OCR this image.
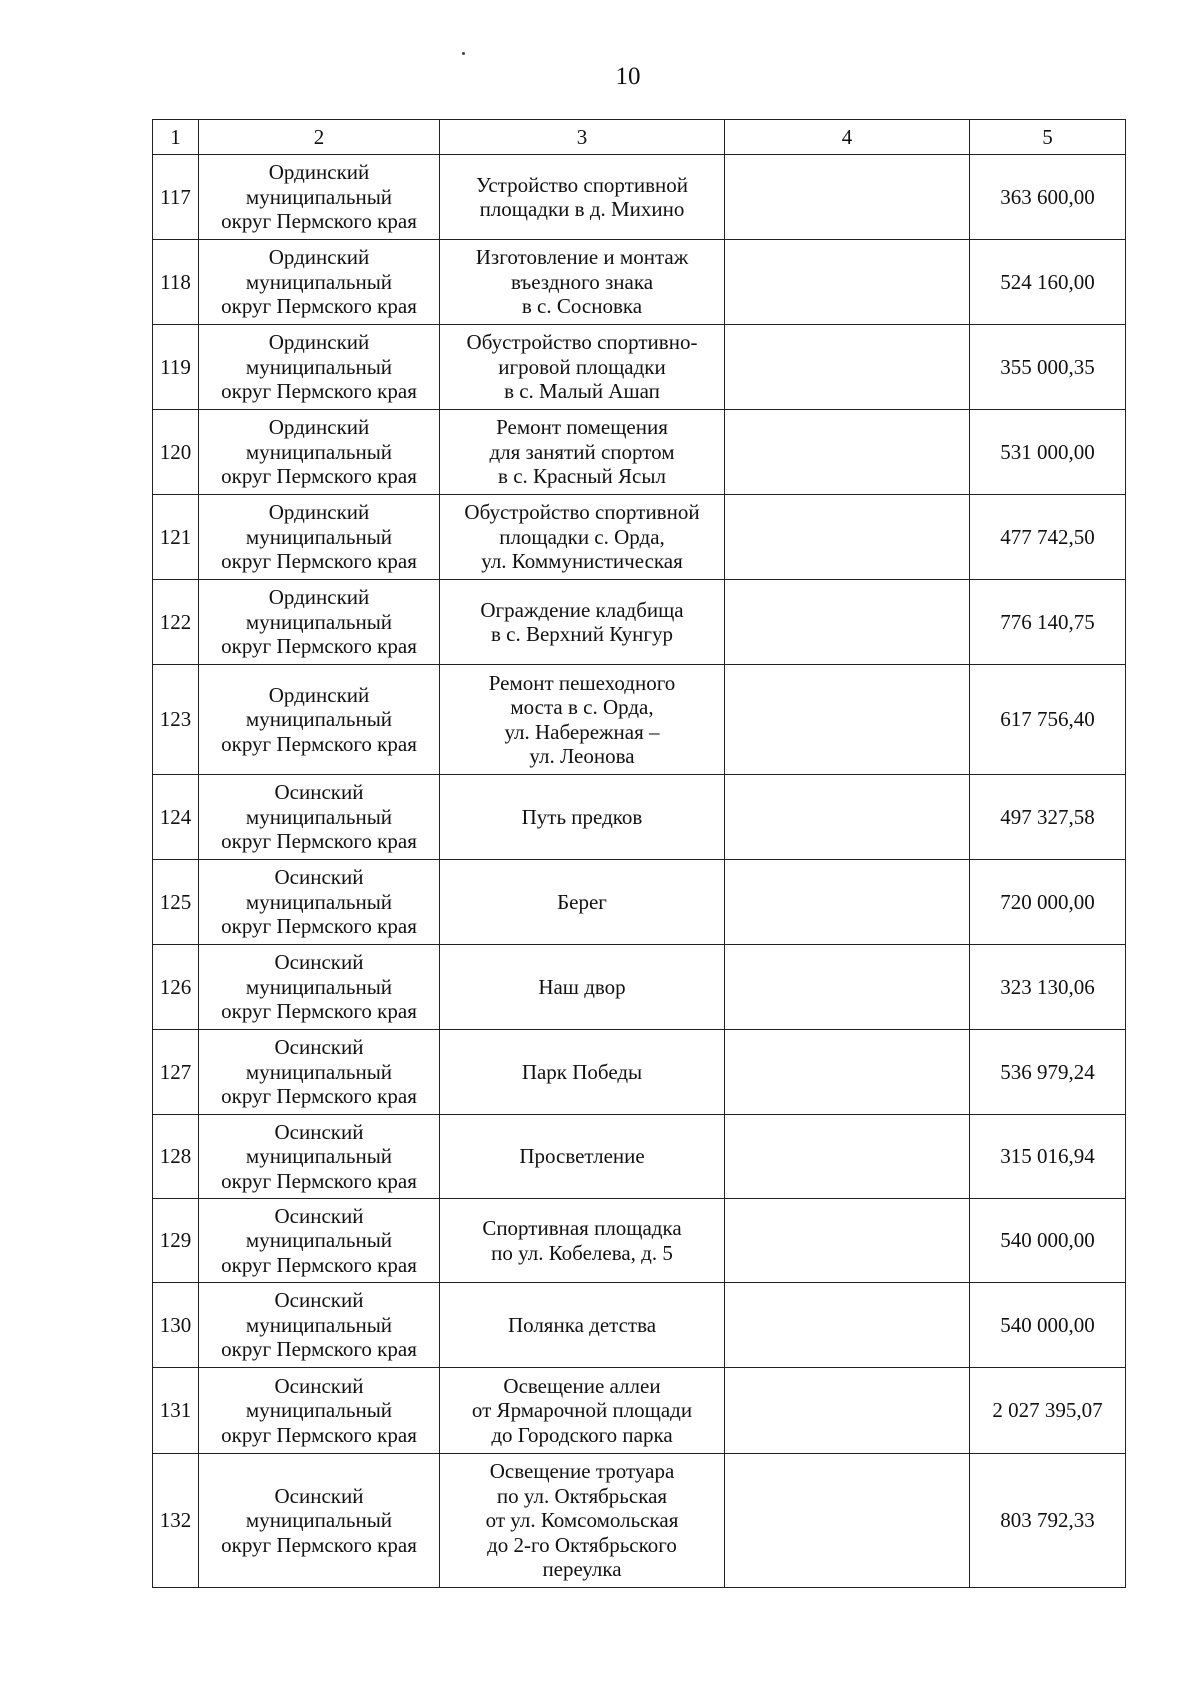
10
1	2	3	4	5
117	Ординский
муниципальный
округ Пермского края	Устройство спортивной
площадки в д. Михино		363 600,00
118	Ординский
муниципальный
округ Пермского края	Изготовление и монтаж
въездного знака
в с. Сосновка		524 160,00
119	Ординский
муниципальный
округ Пермского края	Обустройство спортивно-
игровой площадки
в с. Малый Ашап		355 000,35
120	Ординский
муниципальный
округ Пермского края	Ремонт помещения
для занятий спортом
в с. Красный Ясыл		531 000,00
121	Ординский
муниципальный
округ Пермского края	Обустройство спортивной
площадки с. Орда,
ул. Коммунистическая		477 742,50
122	Ординский
муниципальный
округ Пермского края	Ограждение кладбища
в с. Верхний Кунгур		776 140,75
123	Ординский
муниципальный
округ Пермского края	Ремонт пешеходного
моста в с. Орда,
ул. Набережная –
ул. Леонова		617 756,40
124	Осинский
муниципальный
округ Пермского края	Путь предков		497 327,58
125	Осинский
муниципальный
округ Пермского края	Берег		720 000,00
126	Осинский
муниципальный
округ Пермского края	Наш двор		323 130,06
127	Осинский
муниципальный
округ Пермского края	Парк Победы		536 979,24
128	Осинский
муниципальный
округ Пермского края	Просветление		315 016,94
129	Осинский
муниципальный
округ Пермского края	Спортивная площадка
по ул. Кобелева, д. 5		540 000,00
130	Осинский
муниципальный
округ Пермского края	Полянка детства		540 000,00
131	Осинский
муниципальный
округ Пермского края	Освещение аллеи
от Ярмарочной площади
до Городского парка		2 027 395,07
132	Осинский
муниципальный
округ Пермского края	Освещение тротуара
по ул. Октябрьская
от ул. Комсомольская
до 2-го Октябрьского
переулка		803 792,33
